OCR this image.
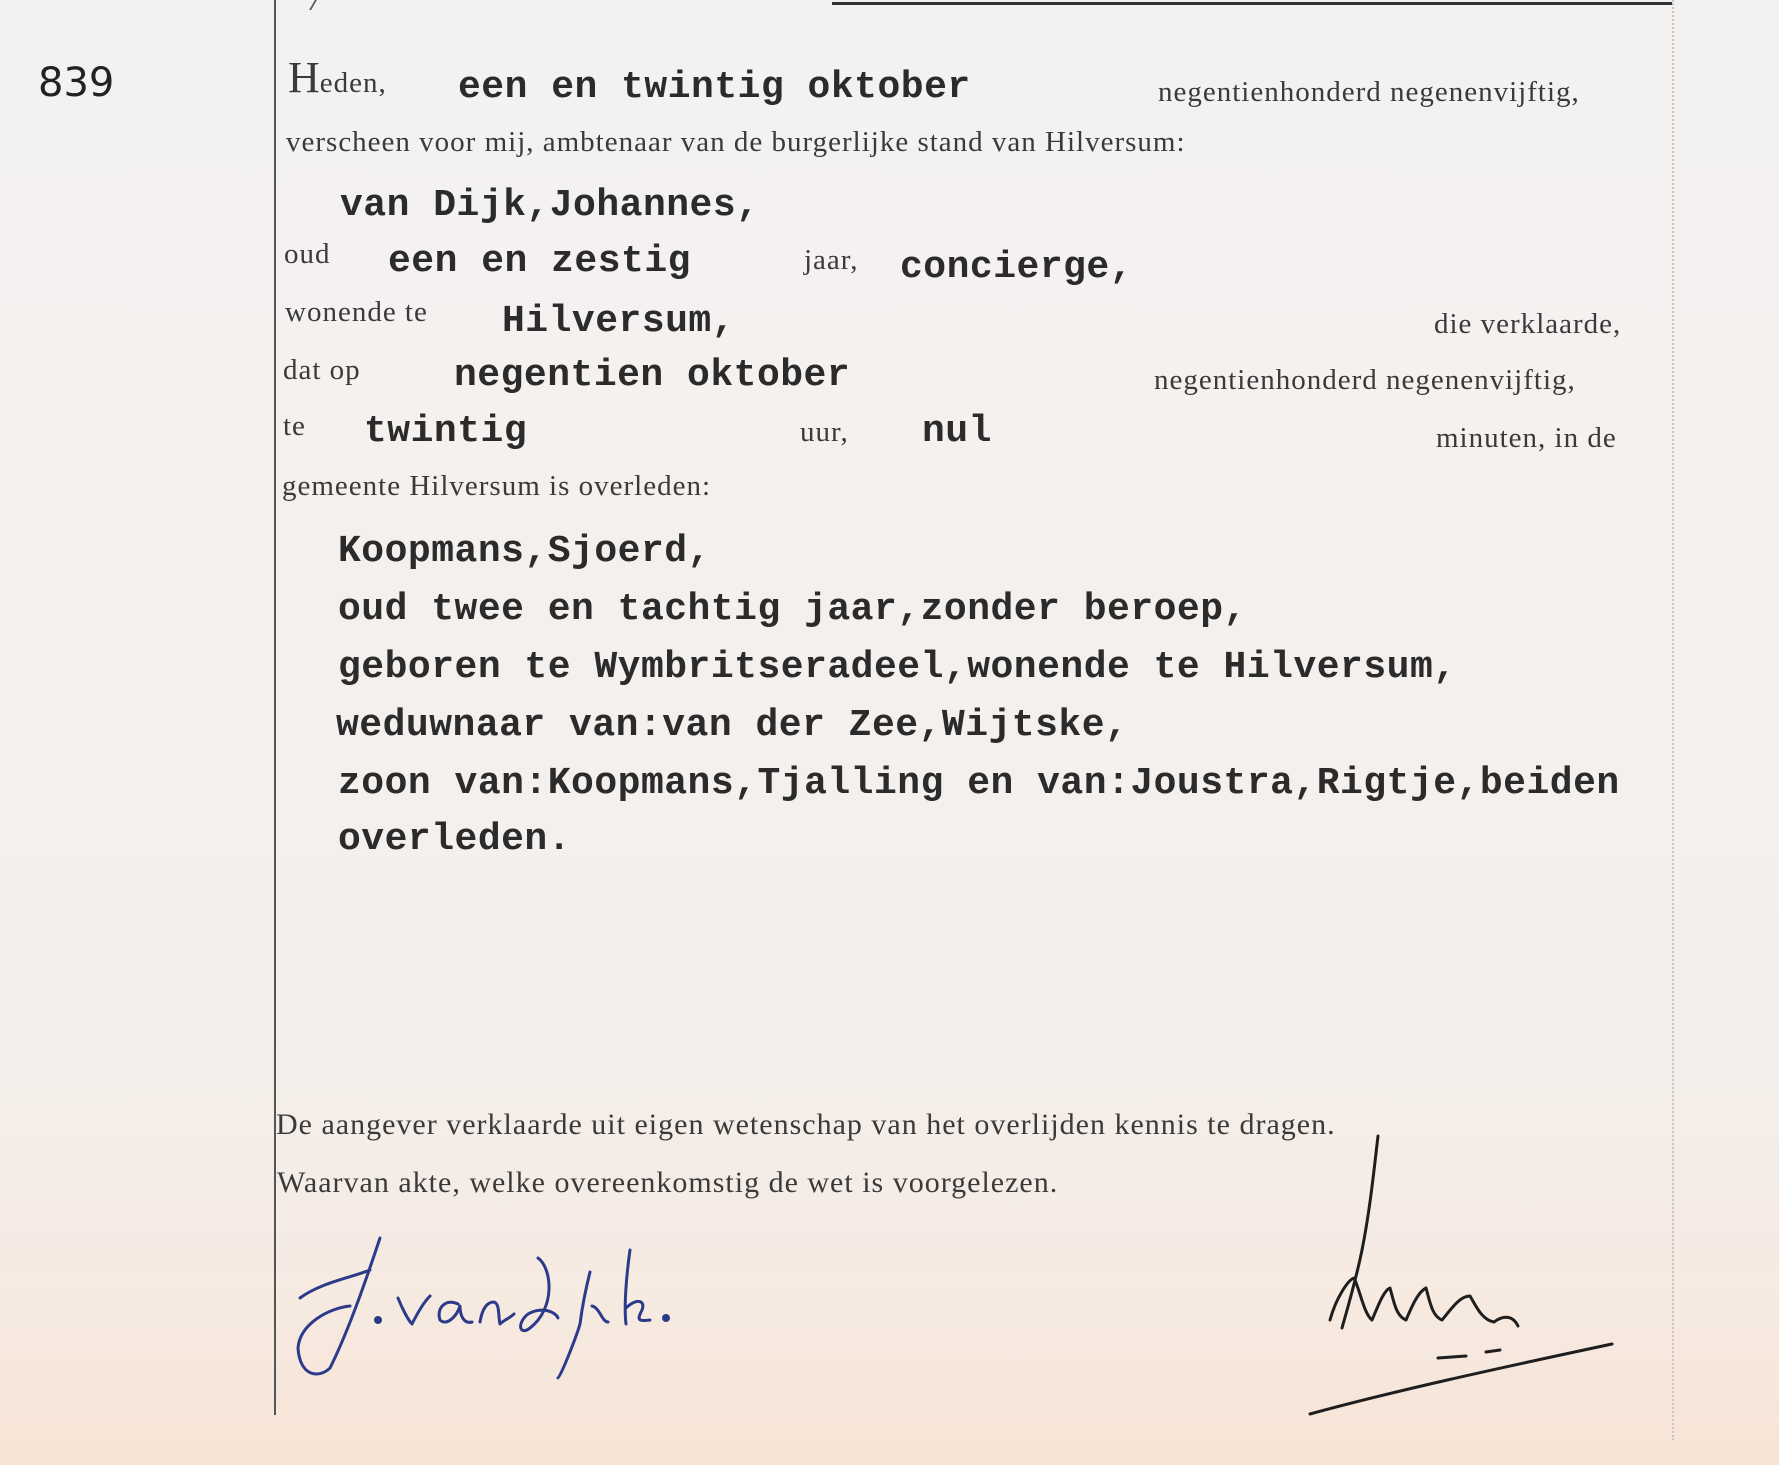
839	Heden, een en twintig oktober	negentienhonderd negenenvijftig,
verscheen voor mij, ambtenaar van de burgerlijke stand van Hilversum:
van Dijk,Johannes,
oud een en zestig	jaar, concierge,
wonende te Hilversum,	die verklaarde,
dat op negentien oktober	negentienhonderd negenenvijftig,
te twintig	uur, nul	minuten, in de
gemeente Hilversum is overleden:
Koopmans,Sjoerd,
oud twee en tachtig jaar,zonder beroep,
geboren te Wymbritseradeel,wonende te Hilversum,
weduwnaar van:van der Zee,Wijtske,
zoon van:Koopmans,Tjalling en van:Joustra,Rigtje,beiden
overleden.
De aangever verklaarde uit eigen wetenschap van het overlijden kennis te dragen.
Waarvan akte, welke overeenkomstig de wet is voorgelezen.
